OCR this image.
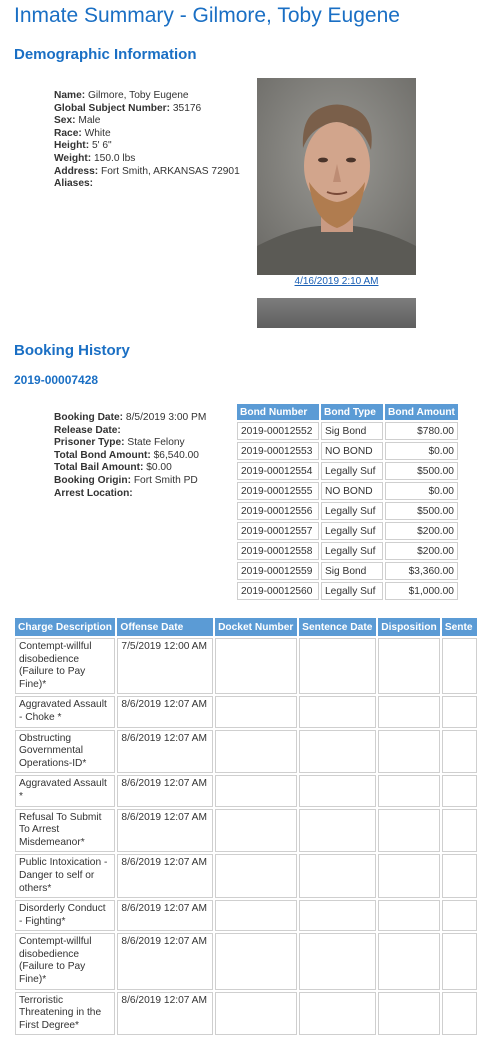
Inmate Summary - Gilmore, Toby Eugene
Demographic Information
Name: Gilmore, Toby Eugene
Global Subject Number: 35176
Sex: Male
Race: White
Height: 5' 6"
Weight: 150.0 lbs
Address: Fort Smith, ARKANSAS 72901
Aliases:
4/16/2019 2:10 AM
Booking History
2019-00007428
Booking Date: 8/5/2019 3:00 PM
Release Date:
Prisoner Type: State Felony
Total Bond Amount: $6,540.00
Total Bail Amount: $0.00
Booking Origin: Fort Smith PD
Arrest Location:
Bond Number	Bond Type	Bond Amount
2019-00012552	Sig Bond	$780.00
2019-00012553	NO BOND	$0.00
2019-00012554	Legally Suf	$500.00
2019-00012555	NO BOND	$0.00
2019-00012556	Legally Suf	$500.00
2019-00012557	Legally Suf	$200.00
2019-00012558	Legally Suf	$200.00
2019-00012559	Sig Bond	$3,360.00
2019-00012560	Legally Suf	$1,000.00
Charge Description	Offense Date	Docket Number	Sentence Date	Disposition	Sente
Contempt-willful disobedience (Failure to Pay Fine)*	7/5/2019 12:00 AM				
Aggravated Assault - Choke *	8/6/2019 12:07 AM				
Obstructing Governmental Operations-ID*	8/6/2019 12:07 AM				
Aggravated Assault *	8/6/2019 12:07 AM				
Refusal To Submit To Arrest Misdemeanor*	8/6/2019 12:07 AM				
Public Intoxication - Danger to self or others*	8/6/2019 12:07 AM				
Disorderly Conduct - Fighting*	8/6/2019 12:07 AM				
Contempt-willful disobedience (Failure to Pay Fine)*	8/6/2019 12:07 AM				
Terroristic Threatening in the First Degree*	8/6/2019 12:07 AM				
